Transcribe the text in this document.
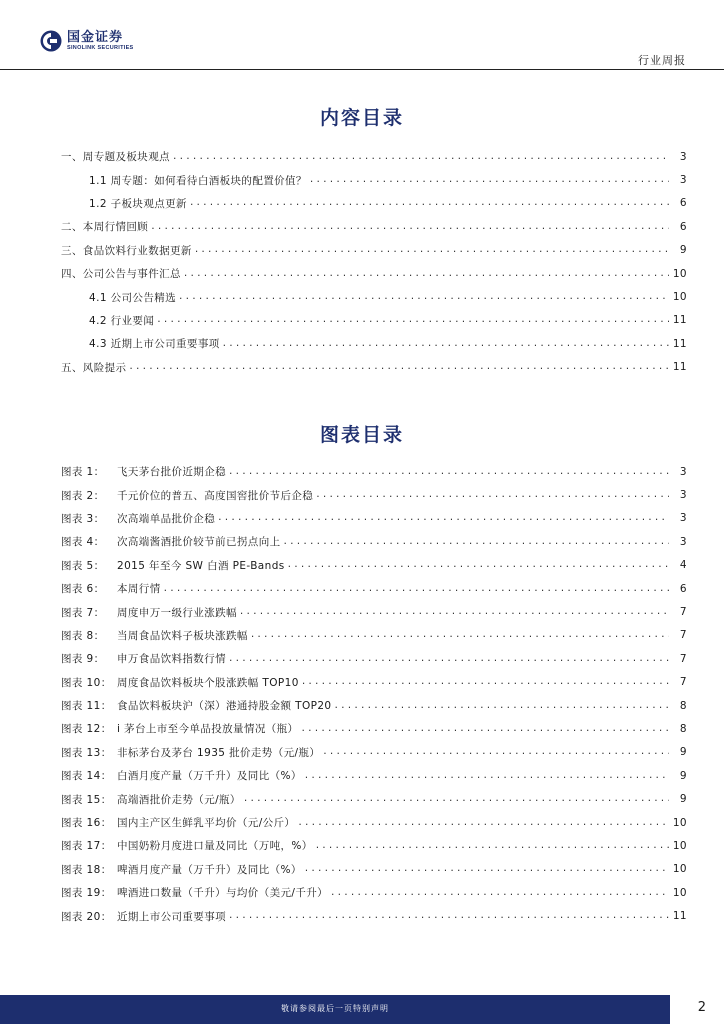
国金证券
SINOLINK SECURITIES
行业周报
内容目录
一、周专题及板块观点 .....	3
1.1 周专题：如何看待白酒板块的配置价值？ .....	3
1.2 子板块观点更新 .....	6
二、本周行情回顾 .....	6
三、食品饮料行业数据更新 .....	9
四、公司公告与事件汇总 .....	10
4.1 公司公告精选 .....	10
4.2 行业要闻 .....	11
4.3 近期上市公司重要事项 .....	11
五、风险提示 .....	11
图表目录
图表 1： 飞天茅台批价近期企稳 .....	3
图表 2： 千元价位的普五、高度国窖批价节后企稳 .....	3
图表 3： 次高端单品批价企稳 .....	3
图表 4： 次高端酱酒批价较节前已拐点向上 .....	3
图表 5： 2015 年至今 SW 白酒 PE-Bands .....	4
图表 6： 本周行情 .....	6
图表 7： 周度申万一级行业涨跌幅 .....	7
图表 8： 当周食品饮料子板块涨跌幅 .....	7
图表 9： 申万食品饮料指数行情 .....	7
图表 10： 周度食品饮料板块个股涨跌幅 TOP10 .....	7
图表 11： 食品饮料板块沪（深）港通持股金额 TOP20 .....	8
图表 12： i 茅台上市至今单品投放量情况（瓶） .....	8
图表 13： 非标茅台及茅台 1935 批价走势（元/瓶） .....	9
图表 14： 白酒月度产量（万千升）及同比（%） .....	9
图表 15： 高端酒批价走势（元/瓶） .....	9
图表 16： 国内主产区生鲜乳平均价（元/公斤） .....	10
图表 17： 中国奶粉月度进口量及同比（万吨，%） .....	10
图表 18： 啤酒月度产量（万千升）及同比（%） .....	10
图表 19： 啤酒进口数量（千升）与均价（美元/千升） .....	10
图表 20： 近期上市公司重要事项 .....	11
敬请参阅最后一页特别声明	2
